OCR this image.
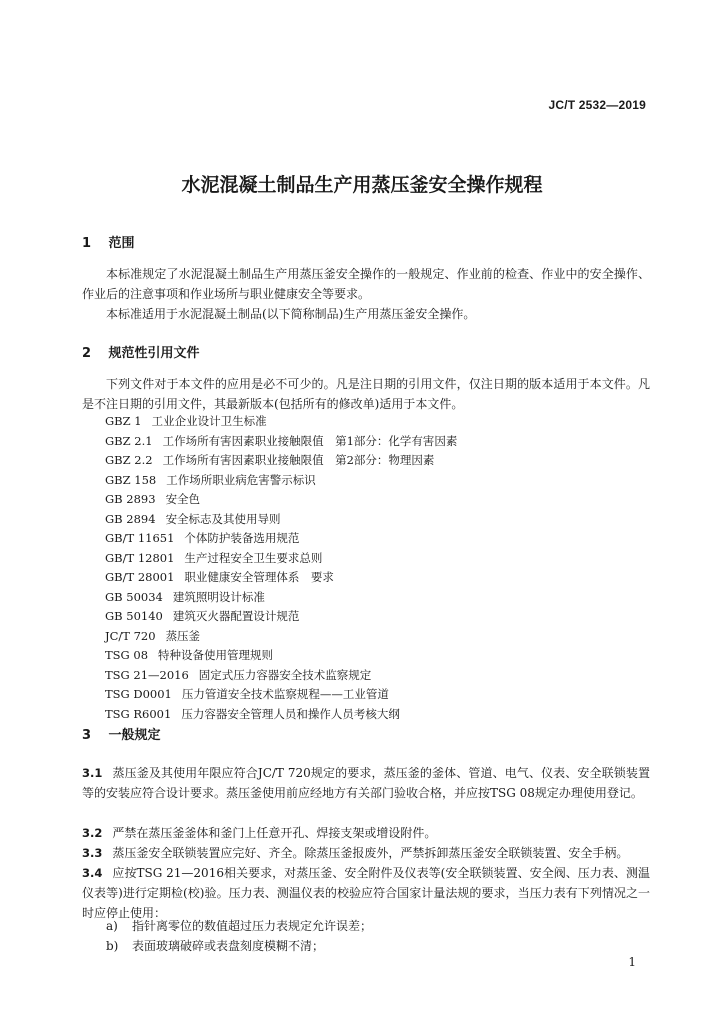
JC/T 2532—2019
水泥混凝土制品生产用蒸压釜安全操作规程
1 范围
本标准规定了水泥混凝土制品生产用蒸压釜安全操作的一般规定、作业前的检查、作业中的安全操作、作业后的注意事项和作业场所与职业健康安全等要求。
本标准适用于水泥混凝土制品(以下简称制品)生产用蒸压釜安全操作。
2 规范性引用文件
下列文件对于本文件的应用是必不可少的。凡是注日期的引用文件，仅注日期的版本适用于本文件。凡是不注日期的引用文件，其最新版本(包括所有的修改单)适用于本文件。
GBZ 1 工业企业设计卫生标准
GBZ 2.1 工作场所有害因素职业接触限值　第1部分：化学有害因素
GBZ 2.2 工作场所有害因素职业接触限值　第2部分：物理因素
GBZ 158 工作场所职业病危害警示标识
GB 2893 安全色
GB 2894 安全标志及其使用导则
GB/T 11651 个体防护装备选用规范
GB/T 12801 生产过程安全卫生要求总则
GB/T 28001 职业健康安全管理体系　要求
GB 50034 建筑照明设计标准
GB 50140 建筑灭火器配置设计规范
JC/T 720 蒸压釜
TSG 08 特种设备使用管理规则
TSG 21—2016 固定式压力容器安全技术监察规定
TSG D0001 压力管道安全技术监察规程——工业管道
TSG R6001 压力容器安全管理人员和操作人员考核大纲
3 一般规定
3.1 蒸压釜及其使用年限应符合JC/T 720规定的要求，蒸压釜的釜体、管道、电气、仪表、安全联锁装置等的安装应符合设计要求。蒸压釜使用前应经地方有关部门验收合格，并应按TSG 08规定办理使用登记。
3.2 严禁在蒸压釜釜体和釜门上任意开孔、焊接支架或增设附件。
3.3 蒸压釜安全联锁装置应完好、齐全。除蒸压釜报废外，严禁拆卸蒸压釜安全联锁装置、安全手柄。
3.4 应按TSG 21—2016相关要求，对蒸压釜、安全附件及仪表等(安全联锁装置、安全阀、压力表、测温仪表等)进行定期检(校)验。压力表、测温仪表的校验应符合国家计量法规的要求，当压力表有下列情况之一时应停止使用：
a) 指针离零位的数值超过压力表规定允许误差；
b) 表面玻璃破碎或表盘刻度模糊不清；
1
